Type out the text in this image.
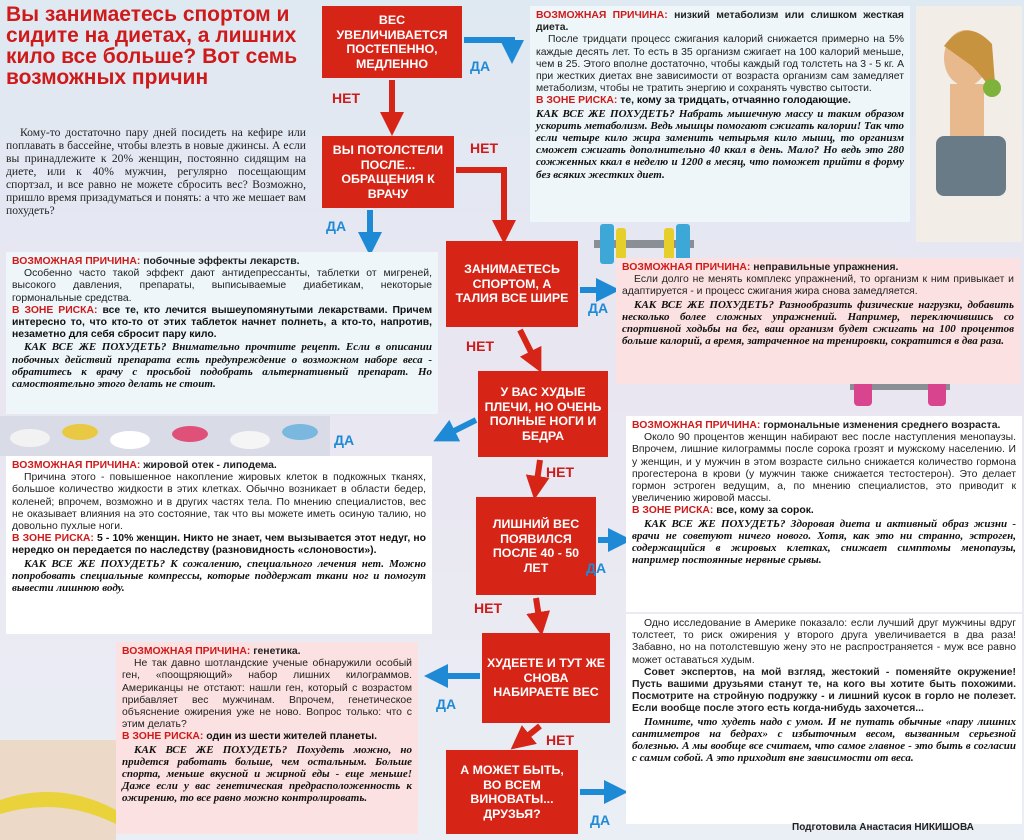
Вы занимаетесь спортом и сидите на диетах, а лишних кило все больше? Вот семь возможных причин

Кому-то достаточно пару дней посидеть на кефире или поплавать в бассейне, чтобы влезть в новые джинсы. А если вы принадлежите к 20% женщин, постоянно сидящим на диете, или к 40% мужчин, регулярно посещающим спортзал, и все равно не можете сбросить вес? Возможно, пришло время призадуматься и понять: а что же мешает вам похудеть?

ВЕС УВЕЛИЧИВАЕТСЯ ПОСТЕПЕННО, МЕДЛЕННО
ВЫ ПОТОЛСТЕЛИ ПОСЛЕ... ОБРАЩЕНИЯ К ВРАЧУ
ЗАНИМАЕТЕСЬ СПОРТОМ, А ТАЛИЯ ВСЕ ШИРЕ
У ВАС ХУДЫЕ ПЛЕЧИ, НО ОЧЕНЬ ПОЛНЫЕ НОГИ И БЕДРА
ЛИШНИЙ ВЕС ПОЯВИЛСЯ ПОСЛЕ 40 - 50 ЛЕТ
ХУДЕЕТЕ И ТУТ ЖЕ СНОВА НАБИРАЕТЕ ВЕС
А МОЖЕТ БЫТЬ, ВО ВСЕМ ВИНОВАТЫ... ДРУЗЬЯ?
НЕТ
ДА
НЕТ
ДА
НЕТ
ДА
ДА
НЕТ
ДА
НЕТ
ДА
НЕТ
ДА

ВОЗМОЖНАЯ ПРИЧИНА: низкий метаболизм или слишком жесткая диета.

После тридцати процесс сжигания калорий снижается примерно на 5% каждые десять лет. То есть в 35 организм сжигает на 100 калорий меньше, чем в 25. Этого вполне достаточно, чтобы каждый год толстеть на 3 - 5 кг. А при жестких диетах вне зависимости от возраста организм сам замедляет метаболизм, чтобы не тратить энергию и сохранять чувство сытости.

В ЗОНЕ РИСКА: те, кому за тридцать, отчаянно голодающие.

КАК ВСЕ ЖЕ ПОХУДЕТЬ? Набрать мышечную массу и таким образом ускорить метаболизм. Ведь мышцы помогают сжигать калории! Так что если четыре кило жира заменить четырьмя кило мышц, то организм сможет сжигать дополнительно 40 ккал в день. Мало? Но ведь это 280 сожженных ккал в неделю и 1200 в месяц, что поможет прийти в форму без всяких жестких диет.

ВОЗМОЖНАЯ ПРИЧИНА: побочные эффекты лекарств.

Особенно часто такой эффект дают антидепрессанты, таблетки от мигреней, высокого давления, препараты, выписываемые диабетикам, некоторые гормональные средства.

В ЗОНЕ РИСКА: все те, кто лечится вышеупомянутыми лекарствами. Причем интересно то, что кто-то от этих таблеток начнет полнеть, а кто-то, напротив, незаметно для себя сбросит пару кило.

КАК ВСЕ ЖЕ ПОХУДЕТЬ? Внимательно прочтите рецепт. Если в описании побочных действий препарата есть предупреждение о возможном наборе веса - обратитесь к врачу с просьбой подобрать альтернативный препарат. Но самостоятельно этого делать не стоит.

ВОЗМОЖНАЯ ПРИЧИНА: неправильные упражнения.

Если долго не менять комплекс упражнений, то организм к ним привыкает и адаптируется - и процесс сжигания жира снова замедляется.

КАК ВСЕ ЖЕ ПОХУДЕТЬ? Разнообразить физические нагрузки, добавить несколько более сложных упражнений. Например, переключившись со спортивной ходьбы на бег, ваш организм будет сжигать на 100 процентов больше калорий, а время, затраченное на тренировки, сократится в два раза.

ВОЗМОЖНАЯ ПРИЧИНА: гормональные изменения среднего возраста.

Около 90 процентов женщин набирают вес после наступления менопаузы. Впрочем, лишние килограммы после сорока грозят и мужскому населению. И у женщин, и у мужчин в этом возрасте сильно снижается количество гормона прогестерона в крови (у мужчин также снижается тестостерон). Это делает гормон эстроген ведущим, а, по мнению специалистов, это приводит к увеличению жировой массы.

В ЗОНЕ РИСКА: все, кому за сорок.

КАК ВСЕ ЖЕ ПОХУДЕТЬ? Здоровая диета и активный образ жизни - врачи не советуют ничего нового. Хотя, как это ни странно, эстроген, содержащийся в жировых клетках, снижает симптомы менопаузы, например постоянные нервные срывы.

ВОЗМОЖНАЯ ПРИЧИНА: жировой отек - липодема.

Причина этого - повышенное накопление жировых клеток в подкожных тканях, большое количество жидкости в этих клетках. Обычно возникает в области бедер, коленей; впрочем, возможно и в других частях тела. По мнению специалистов, вес не оказывает влияния на это состояние, так что вы можете иметь осиную талию, но довольно пухлые ноги.

В ЗОНЕ РИСКА: 5 - 10% женщин. Никто не знает, чем вызывается этот недуг, но нередко он передается по наследству (разновидность «слоновости»).

КАК ВСЕ ЖЕ ПОХУДЕТЬ? К сожалению, специального лечения нет. Можно попробовать специальные компрессы, которые поддержат ткани ног и помогут вывести лишнюю воду.

Одно исследование в Америке показало: если лучший друг мужчины вдруг толстеет, то риск ожирения у второго друга увеличивается в два раза! Забавно, но на потолстевшую жену это не распространяется - муж все равно может оставаться худым.

Совет экспертов, на мой взгляд, жестокий - поменяйте окружение! Пусть вашими друзьями станут те, на кого вы хотите быть похожими. Посмотрите на стройную подружку - и лишний кусок в горло не полезет. Если вообще после этого есть когда-нибудь захочется...

Помните, что худеть надо с умом. И не путать обычные «пару лишних сантиметров на бедрах» с избыточным весом, вызванным серьезной болезнью. А мы вообще все считаем, что самое главное - это быть в согласии с самим собой. А это приходит вне зависимости от веса.

ВОЗМОЖНАЯ ПРИЧИНА: генетика.

Не так давно шотландские ученые обнаружили особый ген, «поощряющий» набор лишних килограммов. Американцы не отстают: нашли ген, который с возрастом прибавляет вес мужчинам. Впрочем, генетическое объяснение ожирения уже не ново. Вопрос только: что с этим делать?

В ЗОНЕ РИСКА: один из шести жителей планеты.

КАК ВСЕ ЖЕ ПОХУДЕТЬ? Похудеть можно, но придется работать больше, чем остальным. Больше спорта, меньше вкусной и жирной еды - еще меньше! Даже если у вас генетическая предрасположенность к ожирению, то все равно можно контролировать.

Подготовила Анастасия НИКИШОВА
